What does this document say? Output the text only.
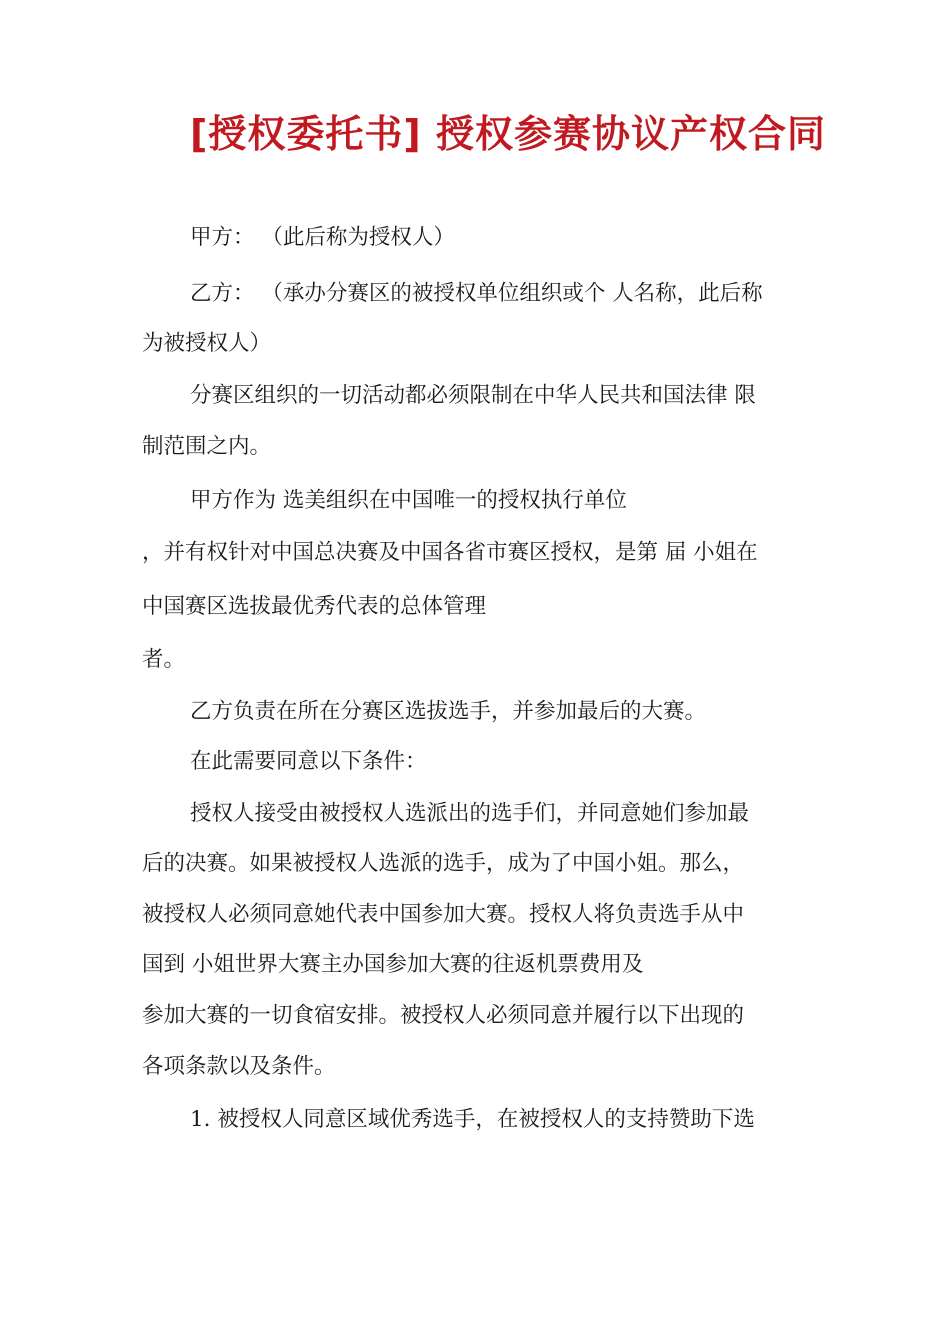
[授权委托书] 授权参赛协议产权合同
甲方： （此后称为授权人）
乙方： （承办分赛区的被授权单位组织或个 人名称，此后称
为被授权人）
分赛区组织的一切活动都必须限制在中华人民共和国法律 限
制范围之内。
甲方作为 选美组织在中国唯一的授权执行单位
，并有权针对中国总决赛及中国各省市赛区授权，是第 届 小姐在
中国赛区选拔最优秀代表的总体管理
者。
乙方负责在所在分赛区选拔选手，并参加最后的大赛。
在此需要同意以下条件：
授权人接受由被授权人选派出的选手们，并同意她们参加最
后的决赛。如果被授权人选派的选手，成为了中国小姐。那么，
被授权人必须同意她代表中国参加大赛。授权人将负责选手从中
国到 小姐世界大赛主办国参加大赛的往返机票费用及
参加大赛的一切食宿安排。被授权人必须同意并履行以下出现的
各项条款以及条件。
1. 被授权人同意区域优秀选手，在被授权人的支持赞助下选
